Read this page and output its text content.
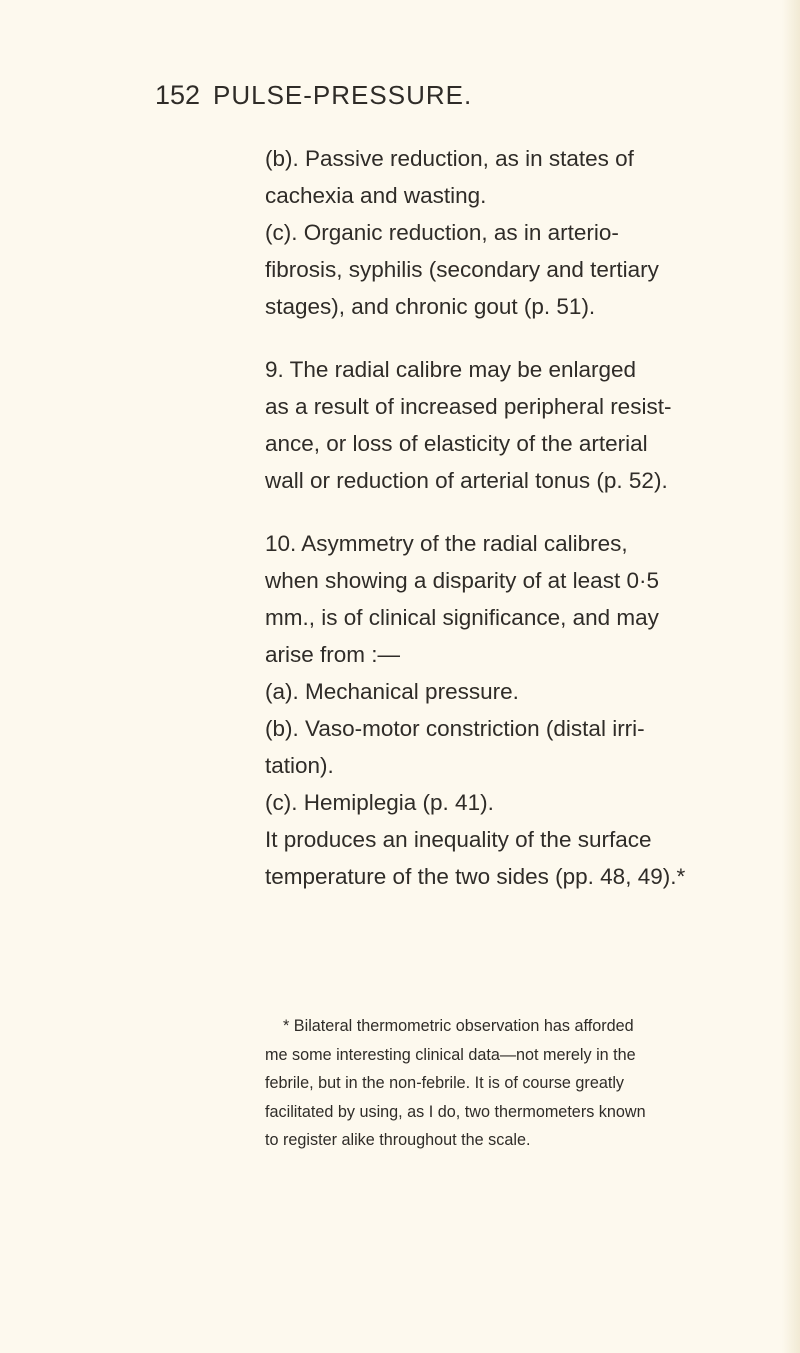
152 PULSE-PRESSURE.
(b). Passive reduction, as in states of
cachexia and wasting.
(c). Organic reduction, as in arterio-
fibrosis, syphilis (secondary and tertiary
stages), and chronic gout (p. 51).
9. The radial calibre may be enlarged
as a result of increased peripheral resist-
ance, or loss of elasticity of the arterial
wall or reduction of arterial tonus (p. 52).
10. Asymmetry of the radial calibres,
when showing a disparity of at least 0·5
mm., is of clinical significance, and may
arise from :—
(a). Mechanical pressure.
(b). Vaso-motor constriction (distal irri-
tation).
(c). Hemiplegia (p. 41).
It produces an inequality of the surface
temperature of the two sides (pp. 48, 49).*
* Bilateral thermometric observation has afforded
me some interesting clinical data—not merely in the
febrile, but in the non-febrile. It is of course greatly
facilitated by using, as I do, two thermometers known
to register alike throughout the scale.
